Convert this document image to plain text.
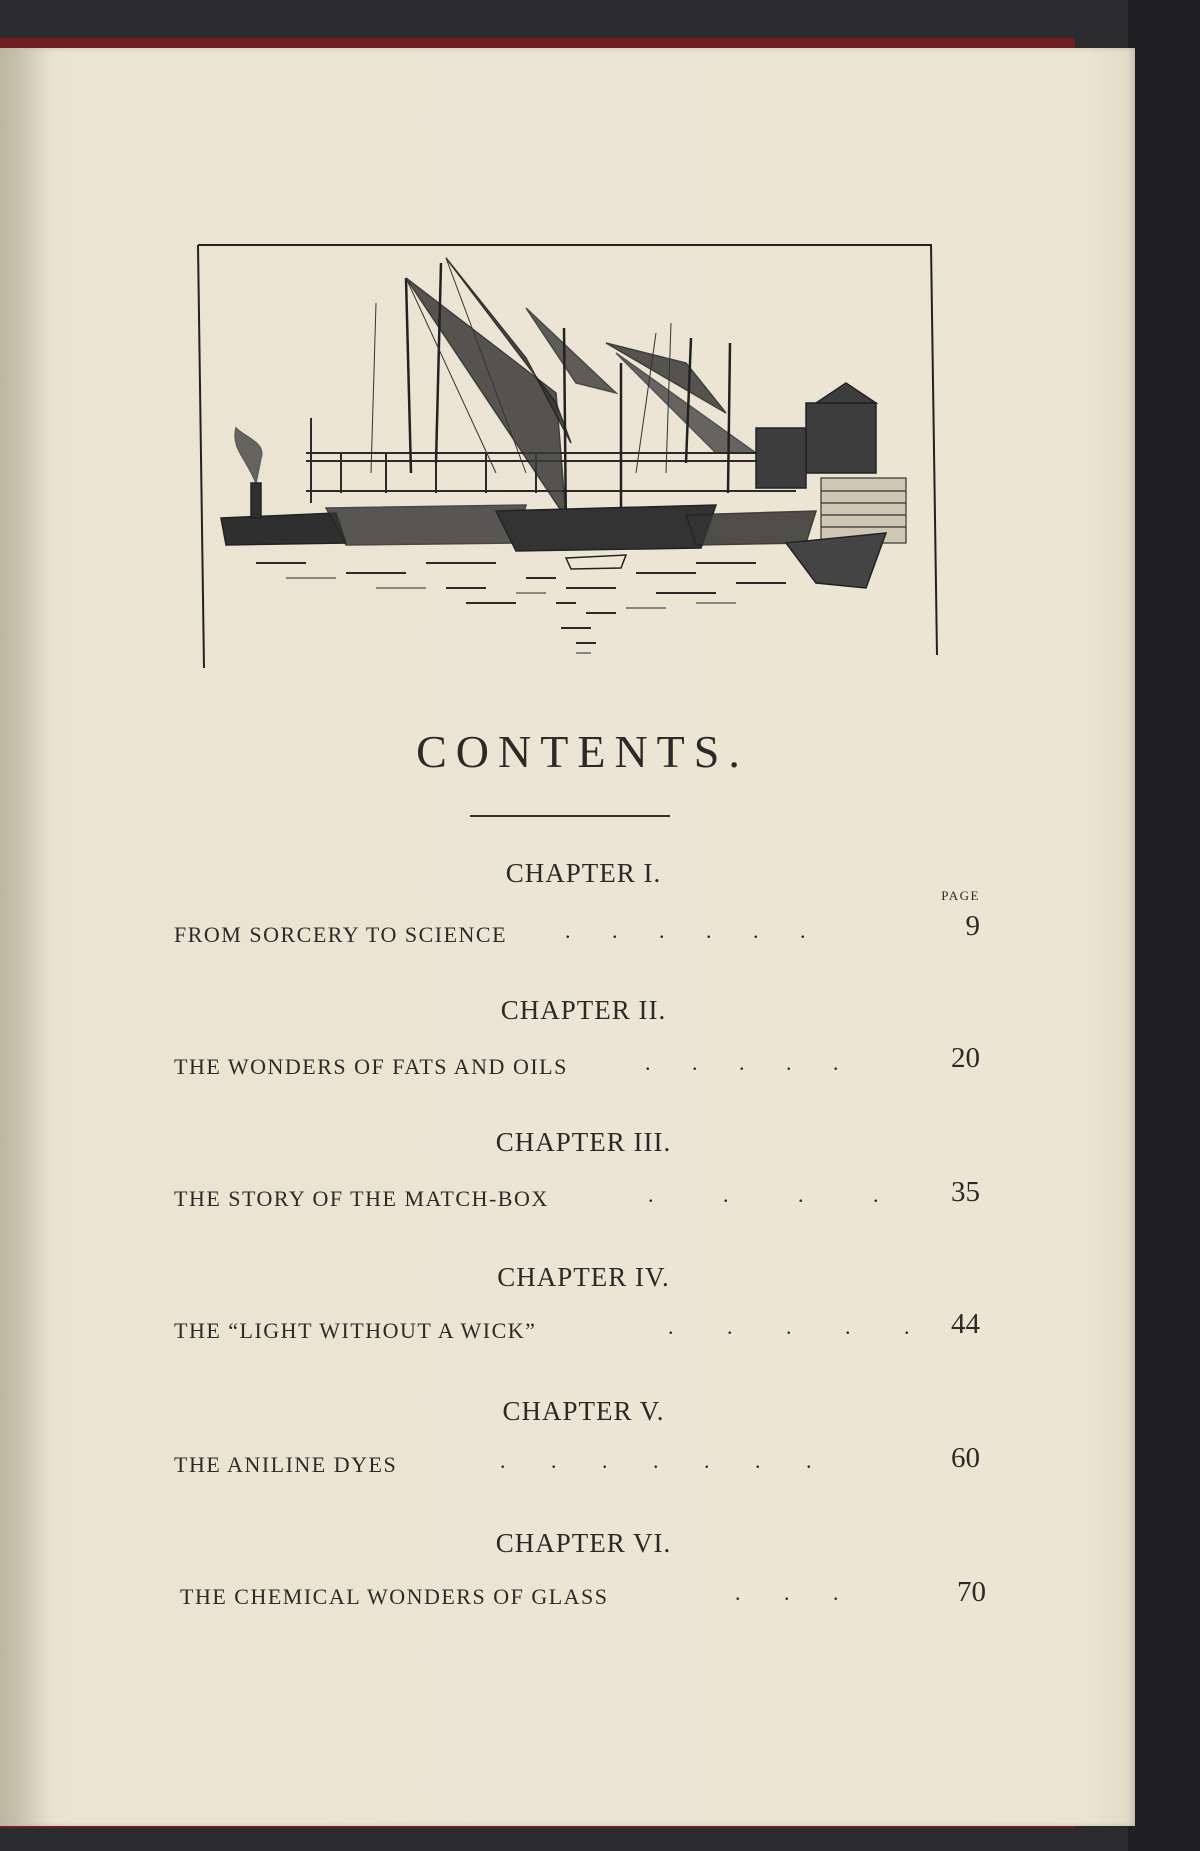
CONTENTS.
PAGE
CHAPTER I.
FROM SORCERY TO SCIENCE	. . . . . .	9
CHAPTER II.
THE WONDERS OF FATS AND OILS	. . . . .	20
CHAPTER III.
THE STORY OF THE MATCH-BOX	. . . .	35
CHAPTER IV.
THE “LIGHT WITHOUT A WICK”	. . . . .	44
CHAPTER V.
THE ANILINE DYES	. . . . . . .	60
CHAPTER VI.
THE CHEMICAL WONDERS OF GLASS	. . .	70
